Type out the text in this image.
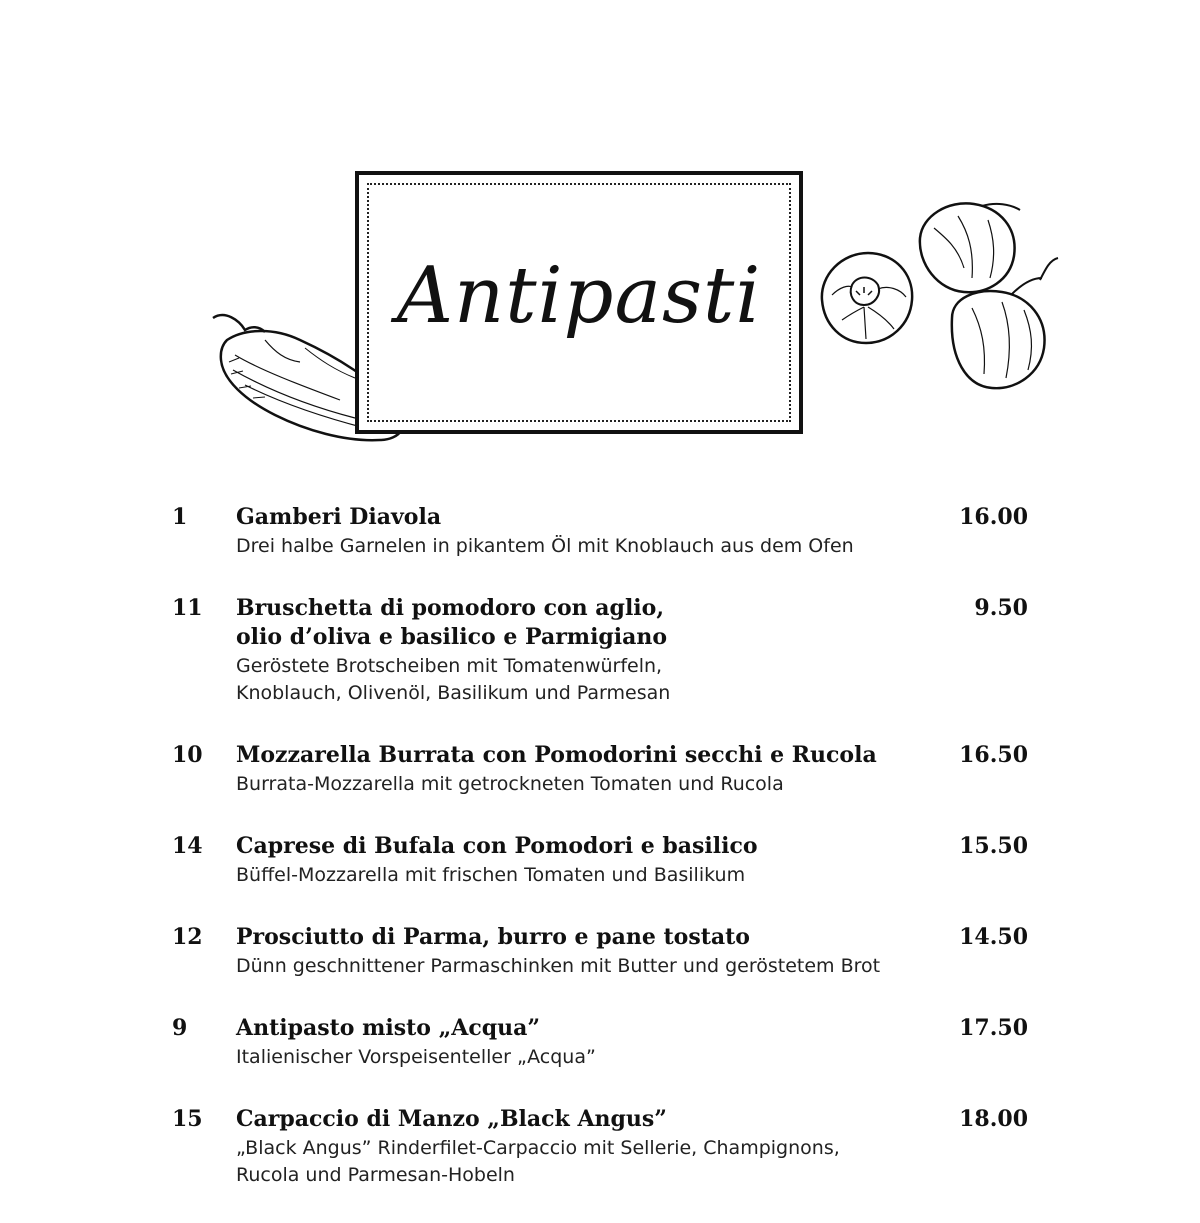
Antipasti
1 Gamberi Diavola
Drei halbe Garnelen in pikantem Öl mit Knoblauch aus dem Ofen
16.00
11 Bruschetta di pomodoro con aglio,
olio d’oliva e basilico e Parmigiano
Geröstete Brotscheiben mit Tomatenwürfeln,
Knoblauch, Olivenöl, Basilikum und Parmesan
9.50
10 Mozzarella Burrata con Pomodorini secchi e Rucola
Burrata-Mozzarella mit getrockneten Tomaten und Rucola
16.50
14 Caprese di Bufala con Pomodori e basilico
Büffel-Mozzarella mit frischen Tomaten und Basilikum
15.50
12 Prosciutto di Parma, burro e pane tostato
Dünn geschnittener Parmaschinken mit Butter und geröstetem Brot
14.50
9 Antipasto misto „Acqua”
Italienischer Vorspeisenteller „Acqua”
17.50
15 Carpaccio di Manzo „Black Angus”
„Black Angus” Rinderfilet-Carpaccio mit Sellerie, Champignons,
Rucola und Parmesan-Hobeln
18.00
